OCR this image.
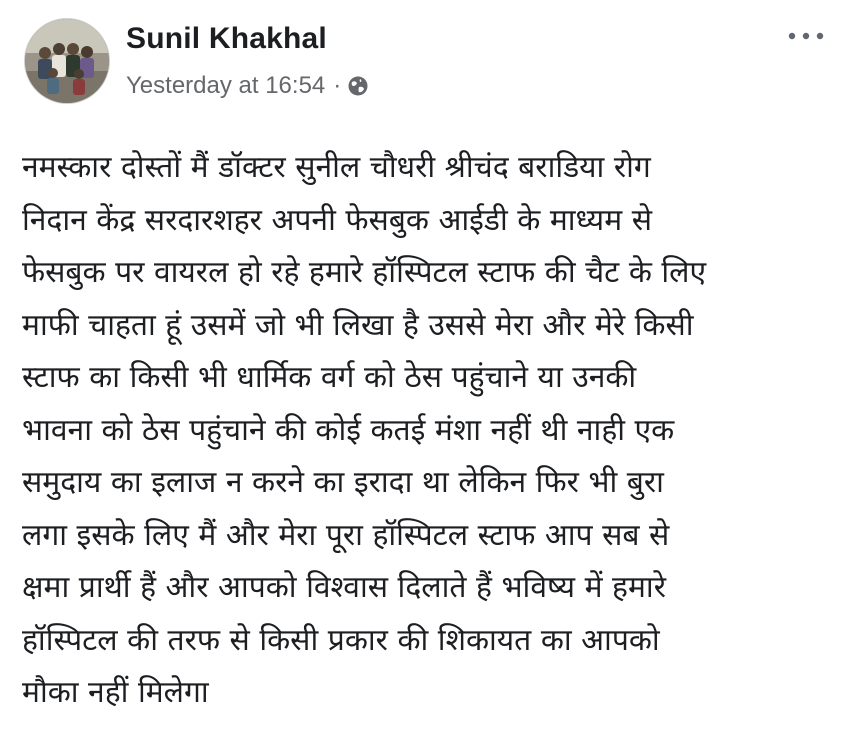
Sunil Khakhal
Yesterday at 16:54 ·
नमस्कार दोस्तों मैं डॉक्टर सुनील चौधरी श्रीचंद बराडिया रोग
निदान केंद्र सरदारशहर अपनी फेसबुक आईडी के माध्यम से
फेसबुक पर वायरल हो रहे हमारे हॉस्पिटल स्टाफ की चैट के लिए
माफी चाहता हूं उसमें जो भी लिखा है उससे मेरा और मेरे किसी
स्टाफ का किसी भी धार्मिक वर्ग को ठेस पहुंचाने या उनकी
भावना को ठेस पहुंचाने की कोई कतई मंशा नहीं थी नाही एक
समुदाय का इलाज न करने का इरादा था लेकिन फिर भी बुरा
लगा इसके लिए मैं और मेरा पूरा हॉस्पिटल स्टाफ आप सब से
क्षमा प्रार्थी हैं और आपको विश्वास दिलाते हैं भविष्य में हमारे
हॉस्पिटल की तरफ से किसी प्रकार की शिकायत का आपको
मौका नहीं मिलेगा
